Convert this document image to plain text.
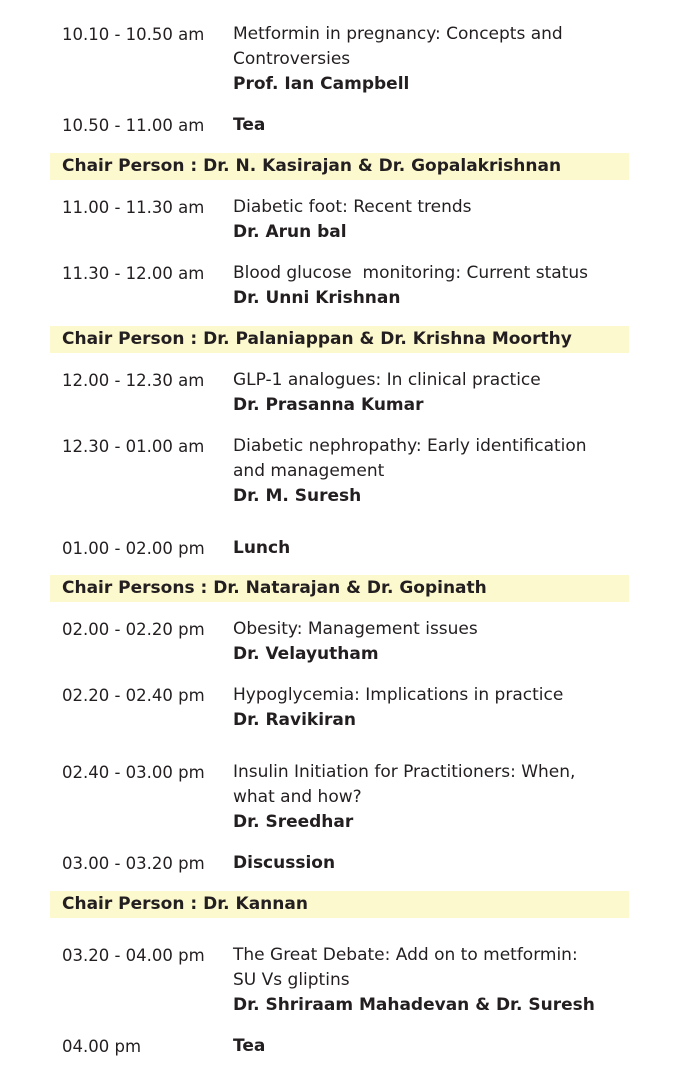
10.10 - 10.50 am	Metformin in pregnancy: Concepts and
Controversies
Prof. Ian Campbell
10.50 - 11.00 am	Tea
Chair Person : Dr. N. Kasirajan & Dr. Gopalakrishnan
11.00 - 11.30 am	Diabetic foot: Recent trends
Dr. Arun bal
11.30 - 12.00 am	Blood glucose  monitoring: Current status
Dr. Unni Krishnan
Chair Person : Dr. Palaniappan & Dr. Krishna Moorthy
12.00 - 12.30 am	GLP-1 analogues: In clinical practice
Dr. Prasanna Kumar
12.30 - 01.00 am	Diabetic nephropathy: Early identification
and management
Dr. M. Suresh
01.00 - 02.00 pm	Lunch
Chair Persons : Dr. Natarajan & Dr. Gopinath
02.00 - 02.20 pm	Obesity: Management issues
Dr. Velayutham
02.20 - 02.40 pm	Hypoglycemia: Implications in practice
Dr. Ravikiran
02.40 - 03.00 pm	Insulin Initiation for Practitioners: When,
what and how?
Dr. Sreedhar
03.00 - 03.20 pm	Discussion
Chair Person : Dr. Kannan
03.20 - 04.00 pm	The Great Debate: Add on to metformin:
SU Vs gliptins
Dr. Shriraam Mahadevan & Dr. Suresh
04.00 pm	Tea
